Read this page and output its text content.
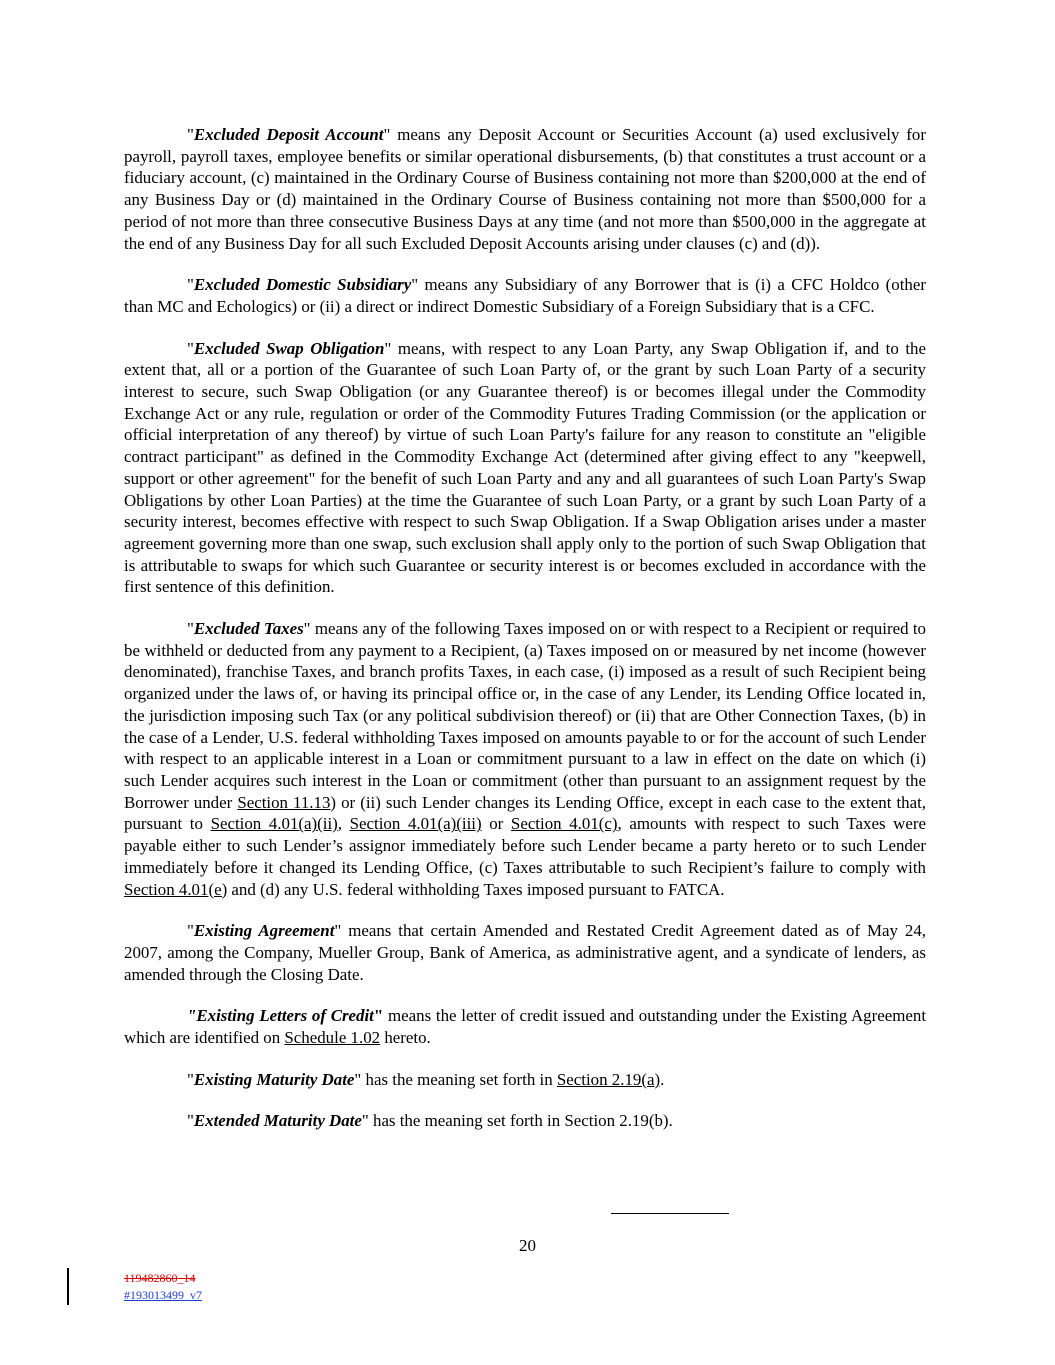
"Excluded Deposit Account" means any Deposit Account or Securities Account (a) used exclusively for payroll, payroll taxes, employee benefits or similar operational disbursements, (b) that constitutes a trust account or a fiduciary account, (c) maintained in the Ordinary Course of Business containing not more than $200,000 at the end of any Business Day or (d) maintained in the Ordinary Course of Business containing not more than $500,000 for a period of not more than three consecutive Business Days at any time (and not more than $500,000 in the aggregate at the end of any Business Day for all such Excluded Deposit Accounts arising under clauses (c) and (d)).

"Excluded Domestic Subsidiary" means any Subsidiary of any Borrower that is (i) a CFC Holdco (other than MC and Echologics) or (ii) a direct or indirect Domestic Subsidiary of a Foreign Subsidiary that is a CFC.

"Excluded Swap Obligation" means, with respect to any Loan Party, any Swap Obligation if, and to the extent that, all or a portion of the Guarantee of such Loan Party of, or the grant by such Loan Party of a security interest to secure, such Swap Obligation (or any Guarantee thereof) is or becomes illegal under the Commodity Exchange Act or any rule, regulation or order of the Commodity Futures Trading Commission (or the application or official interpretation of any thereof) by virtue of such Loan Party's failure for any reason to constitute an "eligible contract participant" as defined in the Commodity Exchange Act (determined after giving effect to any "keepwell, support or other agreement" for the benefit of such Loan Party and any and all guarantees of such Loan Party's Swap Obligations by other Loan Parties) at the time the Guarantee of such Loan Party, or a grant by such Loan Party of a security interest, becomes effective with respect to such Swap Obligation. If a Swap Obligation arises under a master agreement governing more than one swap, such exclusion shall apply only to the portion of such Swap Obligation that is attributable to swaps for which such Guarantee or security interest is or becomes excluded in accordance with the first sentence of this definition.

"Excluded Taxes" means any of the following Taxes imposed on or with respect to a Recipient or required to be withheld or deducted from any payment to a Recipient, (a) Taxes imposed on or measured by net income (however denominated), franchise Taxes, and branch profits Taxes, in each case, (i) imposed as a result of such Recipient being organized under the laws of, or having its principal office or, in the case of any Lender, its Lending Office located in, the jurisdiction imposing such Tax (or any political subdivision thereof) or (ii) that are Other Connection Taxes, (b) in the case of a Lender, U.S. federal withholding Taxes imposed on amounts payable to or for the account of such Lender with respect to an applicable interest in a Loan or commitment pursuant to a law in effect on the date on which (i) such Lender acquires such interest in the Loan or commitment (other than pursuant to an assignment request by the Borrower under Section 11.13) or (ii) such Lender changes its Lending Office, except in each case to the extent that, pursuant to Section 4.01(a)(ii), Section 4.01(a)(iii) or Section 4.01(c), amounts with respect to such Taxes were payable either to such Lender’s assignor immediately before such Lender became a party hereto or to such Lender immediately before it changed its Lending Office, (c) Taxes attributable to such Recipient’s failure to comply with Section 4.01(e) and (d) any U.S. federal withholding Taxes imposed pursuant to FATCA.

"Existing Agreement" means that certain Amended and Restated Credit Agreement dated as of May 24, 2007, among the Company, Mueller Group, Bank of America, as administrative agent, and a syndicate of lenders, as amended through the Closing Date.

"Existing Letters of Credit" means the letter of credit issued and outstanding under the Existing Agreement which are identified on Schedule 1.02 hereto.

"Existing Maturity Date" has the meaning set forth in Section 2.19(a).

"Extended Maturity Date" has the meaning set forth in Section 2.19(b).

20
119482860_14
#193013499_v7
